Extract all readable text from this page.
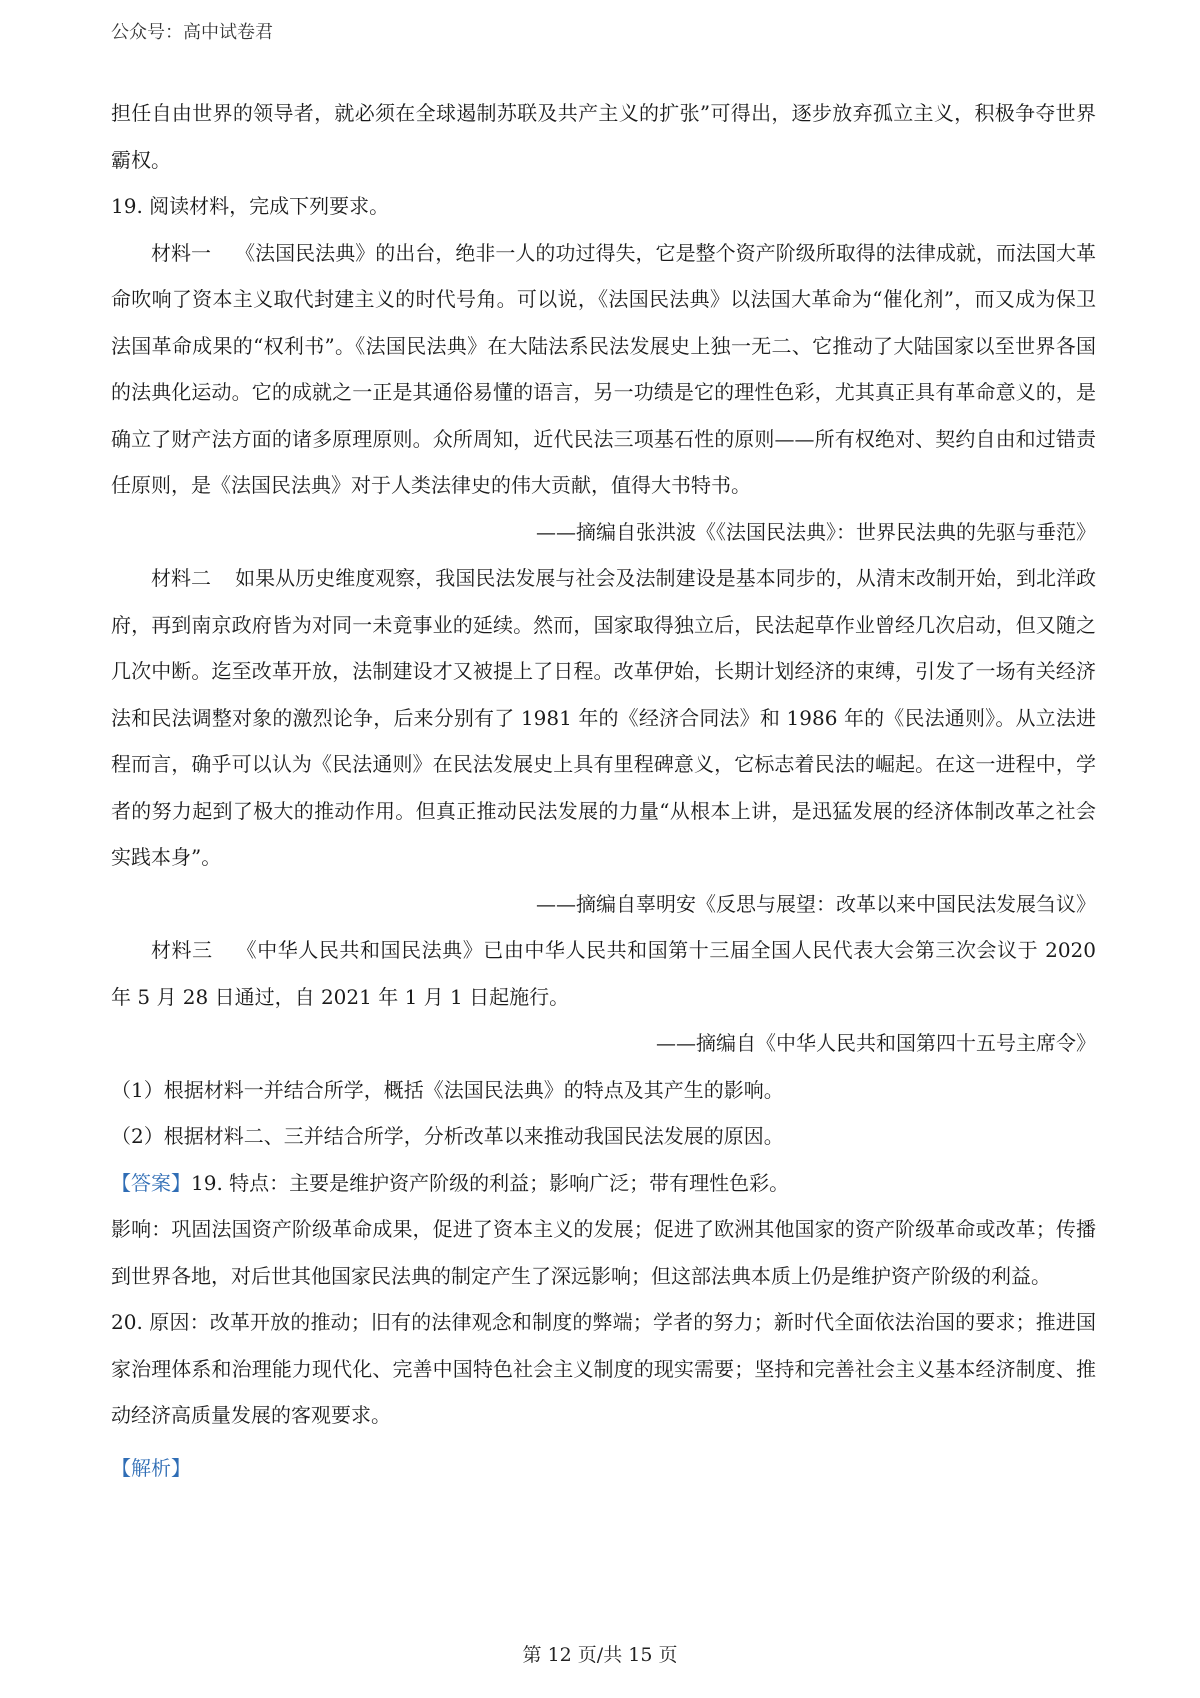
公众号：高中试卷君

担任自由世界的领导者，就必须在全球遏制苏联及共产主义的扩张”可得出，逐步放弃孤立主义，积极争夺世界霸权。

19. 阅读材料，完成下列要求。

材料一 《法国民法典》的出台，绝非一人的功过得失，它是整个资产阶级所取得的法律成就，而法国大革命吹响了资本主义取代封建主义的时代号角。可以说，《法国民法典》以法国大革命为“催化剂”，而又成为保卫法国革命成果的“权利书”。《法国民法典》在大陆法系民法发展史上独一无二、它推动了大陆国家以至世界各国的法典化运动。它的成就之一正是其通俗易懂的语言，另一功绩是它的理性色彩，尤其真正具有革命意义的，是确立了财产法方面的诸多原理原则。众所周知，近代民法三项基石性的原则——所有权绝对、契约自由和过错责任原则，是《法国民法典》对于人类法律史的伟大贡献，值得大书特书。

——摘编自张洪波《《法国民法典》：世界民法典的先驱与垂范》

材料二 如果从历史维度观察，我国民法发展与社会及法制建设是基本同步的，从清末改制开始，到北洋政府，再到南京政府皆为对同一未竟事业的延续。然而，国家取得独立后，民法起草作业曾经几次启动，但又随之几次中断。迄至改革开放，法制建设才又被提上了日程。改革伊始，长期计划经济的束缚，引发了一场有关经济法和民法调整对象的激烈论争，后来分别有了 1981 年的《经济合同法》和 1986 年的《民法通则》。从立法进程而言，确乎可以认为《民法通则》在民法发展史上具有里程碑意义，它标志着民法的崛起。在这一进程中，学者的努力起到了极大的推动作用。但真正推动民法发展的力量“从根本上讲，是迅猛发展的经济体制改革之社会实践本身”。

——摘编自辜明安《反思与展望：改革以来中国民法发展刍议》

材料三 《中华人民共和国民法典》已由中华人民共和国第十三届全国人民代表大会第三次会议于 2020 年 5 月 28 日通过，自 2021 年 1 月 1 日起施行。

——摘编自《中华人民共和国第四十五号主席令》

（1）根据材料一并结合所学，概括《法国民法典》的特点及其产生的影响。

（2）根据材料二、三并结合所学，分析改革以来推动我国民法发展的原因。

【答案】19. 特点：主要是维护资产阶级的利益；影响广泛；带有理性色彩。

影响：巩固法国资产阶级革命成果，促进了资本主义的发展；促进了欧洲其他国家的资产阶级革命或改革；传播到世界各地，对后世其他国家民法典的制定产生了深远影响；但这部法典本质上仍是维护资产阶级的利益。

20. 原因：改革开放的推动；旧有的法律观念和制度的弊端；学者的努力；新时代全面依法治国的要求；推进国家治理体系和治理能力现代化、完善中国特色社会主义制度的现实需要；坚持和完善社会主义基本经济制度、推动经济高质量发展的客观要求。

【解析】

第 12 页/共 15 页
